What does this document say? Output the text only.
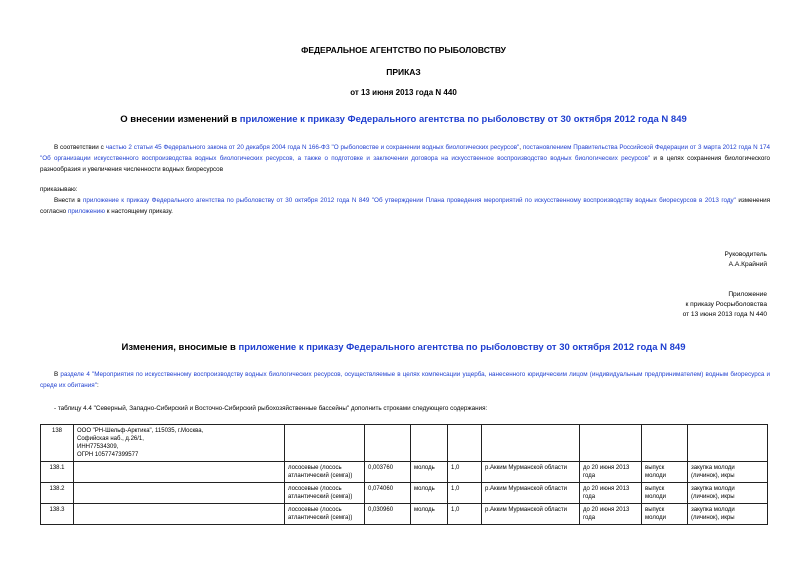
ФЕДЕРАЛЬНОЕ АГЕНТСТВО ПО РЫБОЛОВСТВУ
ПРИКАЗ
от 13 июня 2013 года N 440
О внесении изменений в приложение к приказу Федерального агентства по рыболовству от 30 октября 2012 года N 849
В соответствии с частью 2 статьи 45 Федерального закона от 20 декабря 2004 года N 166-ФЗ "О рыболовстве и сохранении водных биологических ресурсов", постановлением Правительства Российской Федерации от 3 марта 2012 года N 174 "Об организации искусственного воспроизводства водных биологических ресурсов, а также о подготовке и заключении договора на искусственное воспроизводство водных биологических ресурсов" и в целях сохранения биологического разнообразия и увеличения численности водных биоресурсов
приказываю:
Внести в приложение к приказу Федерального агентства по рыболовству от 30 октября 2012 года N 849 "Об утверждении Плана проведения мероприятий по искусственному воспроизводству водных биоресурсов в 2013 году" изменения согласно приложению к настоящему приказу.
Руководитель
А.А.Крайний
Приложение
к приказу Росрыболовства
от 13 июня 2013 года N 440
Изменения, вносимые в приложение к приказу Федерального агентства по рыболовству от 30 октября 2012 года N 849
В разделе 4 "Мероприятия по искусственному воспроизводству водных биологических ресурсов, осуществляемые в целях компенсации ущерба, нанесенного юридическим лицом (индивидуальным предпринимателем) водным биоресурса и среде их обитания":
- таблицу 4.4 "Северный, Западно-Сибирский и Восточно-Сибирский рыбохозяйственные бассейны" дополнить строками следующего содержания:
138	ООО "РН-Шельф-Арктика", 115035, г.Москва,
Софийская наб., д.26/1,
ИНН77534309,
ОГРН 1057747399577								

138.1		лососевые (лосось атлантический (семга))	0,003760	молодь	1,0	р.Акким Мурманской области	до 20 июня 2013 года	выпуск молоди	закупка молоди (личинок), икры
138.2		лососевые (лосось атлантический (семга))	0,074060	молодь	1,0	р.Акким Мурманской области	до 20 июня 2013 года	выпуск молоди	закупка молоди (личинок), икры
138.3		лососевые (лосось атлантический (семга))	0,030960	молодь	1,0	р.Акким Мурманской области	до 20 июня 2013 года	выпуск молоди	закупка молоди (личинок), икры
